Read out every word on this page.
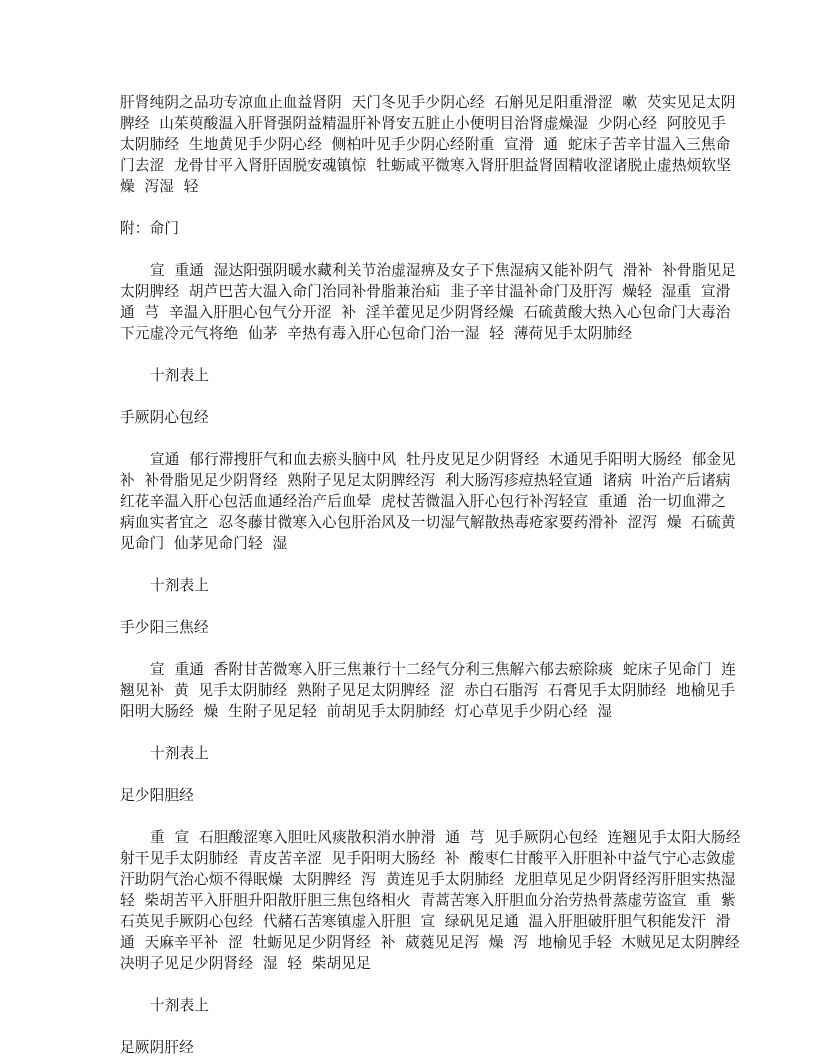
肝肾纯阴之品功专凉血止血益肾阴  天门冬见手少阴心经  石斛见足阳重滑涩  嗽  芡实见足太阴
脾经  山茱萸酸温入肝肾强阴益精温肝补肾安五脏止小便明目治肾虚燥湿  少阴心经  阿胶见手
太阴肺经  生地黄见手少阴心经  侧柏叶见手少阴心经附重  宣滑  通  蛇床子苦辛甘温入三焦命
门去涩  龙骨甘平入肾肝固脱安魂镇惊  牡蛎咸平微寒入肾肝胆益肾固精收涩诸脱止虚热烦软坚
燥  泻湿  轻
附：命门
宣  重通  湿达阳强阴暖水藏利关节治虚湿痹及女子下焦湿病又能补阴气  滑补  补骨脂见足
太阴脾经  胡芦巴苦大温入命门治同补骨脂兼治疝  韭子辛甘温补命门及肝泻  燥轻  湿重  宣滑
通  芎  辛温入肝胆心包气分开涩  补  淫羊藿见足少阴肾经燥  石硫黄酸大热入心包命门大毒治
下元虚冷元气将绝  仙茅  辛热有毒入肝心包命门治一湿  轻  薄荷见手太阴肺经
十剂表上
手厥阴心包经
宣通  郁行滞搜肝气和血去瘀头脑中风  牡丹皮见足少阴肾经  木通见手阳明大肠经  郁金见
补  补骨脂见足少阴肾经  熟附子见足太阴脾经泻  利大肠泻疹痘热轻宣通  诸病  叶治产后诸病
红花辛温入肝心包活血通经治产后血晕  虎杖苦微温入肝心包行补泻轻宣  重通  治一切血滞之
病血实者宜之  忍冬藤甘微寒入心包肝治风及一切湿气解散热毒疮家要药滑补  涩泻  燥  石硫黄
见命门  仙茅见命门轻  湿
十剂表上
手少阳三焦经
宣  重通  香附甘苦微寒入肝三焦兼行十二经气分利三焦解六郁去瘀除痰  蛇床子见命门  连
翘见补  黄  见手太阴肺经  熟附子见足太阴脾经  涩  赤白石脂泻  石膏见手太阴肺经  地榆见手
阳明大肠经  燥  生附子见足轻  前胡见手太阴肺经  灯心草见手少阴心经  湿
十剂表上
足少阳胆经
重  宣  石胆酸涩寒入胆吐风痰散积消水肿滑  通  芎  见手厥阴心包经  连翘见手太阳大肠经
射干见手太阴肺经  青皮苦辛涩  见手阳明大肠经  补  酸枣仁甘酸平入肝胆补中益气宁心志敛虚
汗助阴气治心烦不得眠燥  太阴脾经  泻  黄连见手太阴肺经  龙胆草见足少阴肾经泻肝胆实热湿
轻  柴胡苦平入肝胆升阳散肝胆三焦包络相火  青蒿苦寒入肝胆血分治劳热骨蒸虚劳盗宣  重  紫
石英见手厥阴心包经  代赭石苦寒镇虚入肝胆  宣  绿矾见足通  温入肝胆破肝胆气积能发汗  滑
通  天麻辛平补  涩  牡蛎见足少阴肾经  补  葳蕤见足泻  燥  泻  地榆见手轻  木贼见足太阴脾经
决明子见足少阴肾经  湿  轻  柴胡见足
十剂表上
足厥阴肝经
